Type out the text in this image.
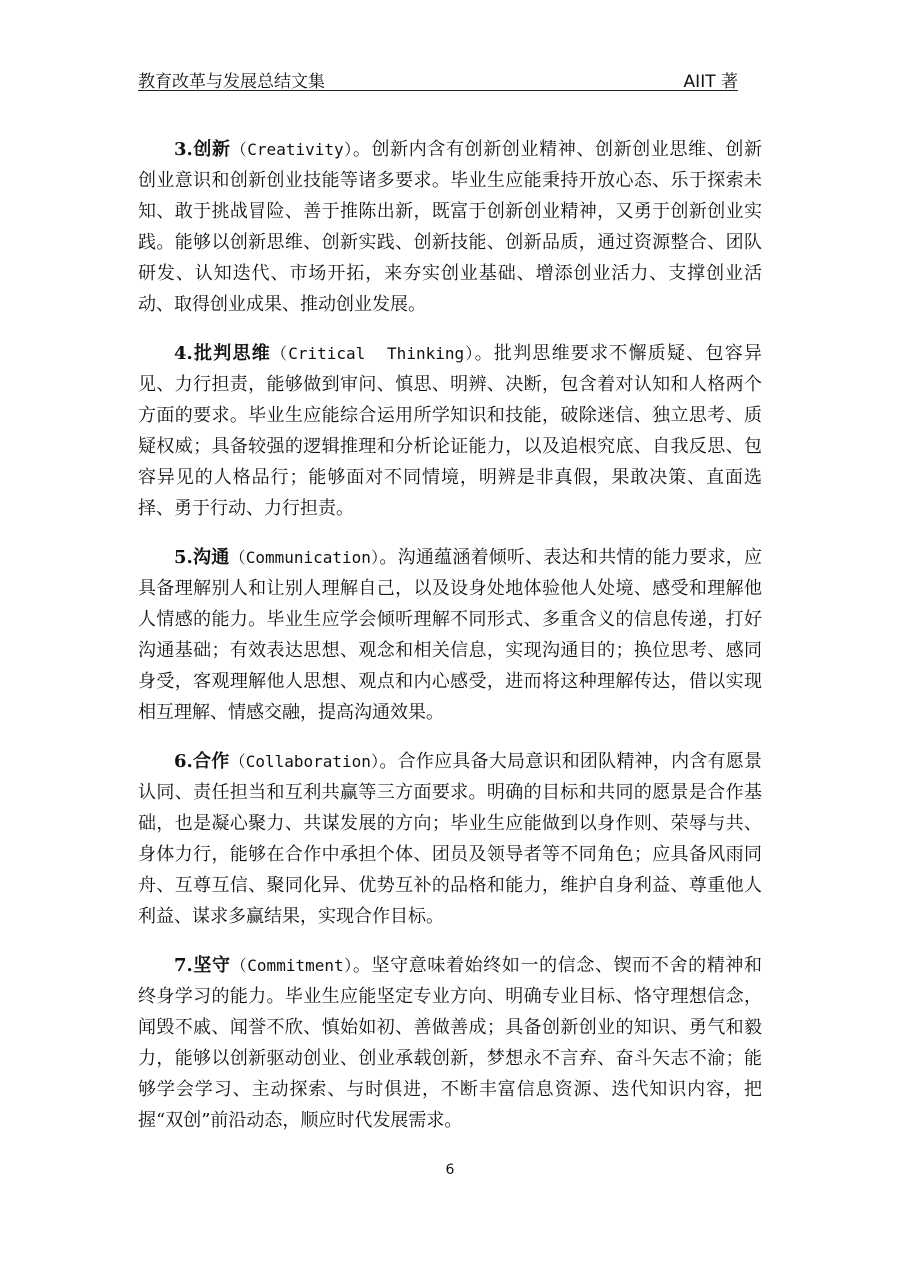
教育改革与发展总结文集	AIIT 著

3.创新（Creativity）。创新内含有创新创业精神、创新创业思维、创新创业意识和创新创业技能等诸多要求。毕业生应能秉持开放心态、乐于探索未知、敢于挑战冒险、善于推陈出新，既富于创新创业精神，又勇于创新创业实践。能够以创新思维、创新实践、创新技能、创新品质，通过资源整合、团队研发、认知迭代、市场开拓，来夯实创业基础、增添创业活力、支撑创业活动、取得创业成果、推动创业发展。

4.批判思维（Critical  Thinking）。批判思维要求不懈质疑、包容异见、力行担责，能够做到审问、慎思、明辨、决断，包含着对认知和人格两个方面的要求。毕业生应能综合运用所学知识和技能，破除迷信、独立思考、质疑权威；具备较强的逻辑推理和分析论证能力，以及追根究底、自我反思、包容异见的人格品行；能够面对不同情境，明辨是非真假，果敢决策、直面选择、勇于行动、力行担责。

5.沟通（Communication）。沟通蕴涵着倾听、表达和共情的能力要求，应具备理解别人和让别人理解自己，以及设身处地体验他人处境、感受和理解他人情感的能力。毕业生应学会倾听理解不同形式、多重含义的信息传递，打好沟通基础；有效表达思想、观念和相关信息，实现沟通目的；换位思考、感同身受，客观理解他人思想、观点和内心感受，进而将这种理解传达，借以实现相互理解、情感交融，提高沟通效果。

6.合作（Collaboration）。合作应具备大局意识和团队精神，内含有愿景认同、责任担当和互利共赢等三方面要求。明确的目标和共同的愿景是合作基础，也是凝心聚力、共谋发展的方向；毕业生应能做到以身作则、荣辱与共、身体力行，能够在合作中承担个体、团员及领导者等不同角色；应具备风雨同舟、互尊互信、聚同化异、优势互补的品格和能力，维护自身利益、尊重他人利益、谋求多赢结果，实现合作目标。

7.坚守（Commitment）。坚守意味着始终如一的信念、锲而不舍的精神和终身学习的能力。毕业生应能坚定专业方向、明确专业目标、恪守理想信念，闻毁不戚、闻誉不欣、慎始如初、善做善成；具备创新创业的知识、勇气和毅力，能够以创新驱动创业、创业承载创新，梦想永不言弃、奋斗矢志不渝；能够学会学习、主动探索、与时俱进，不断丰富信息资源、迭代知识内容，把握“双创”前沿动态，顺应时代发展需求。

6
